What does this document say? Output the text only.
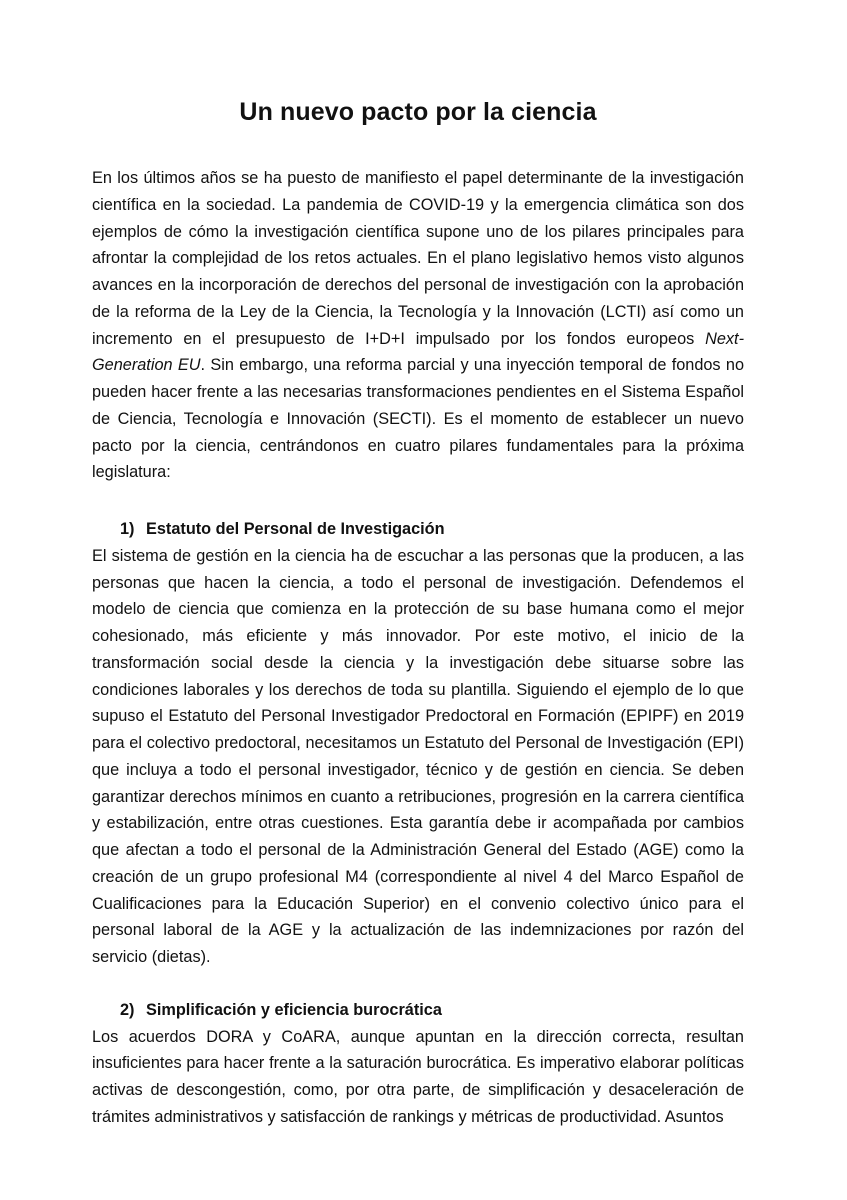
Un nuevo pacto por la ciencia

En los últimos años se ha puesto de manifiesto el papel determinante de la investigación científica en la sociedad. La pandemia de COVID-19 y la emergencia climática son dos ejemplos de cómo la investigación científica supone uno de los pilares principales para afrontar la complejidad de los retos actuales. En el plano legislativo hemos visto algunos avances en la incorporación de derechos del personal de investigación con la aprobación de la reforma de la Ley de la Ciencia, la Tecnología y la Innovación (LCTI) así como un incremento en el presupuesto de I+D+I impulsado por los fondos europeos Next-Generation EU. Sin embargo, una reforma parcial y una inyección temporal de fondos no pueden hacer frente a las necesarias transformaciones pendientes en el Sistema Español de Ciencia, Tecnología e Innovación (SECTI). Es el momento de establecer un nuevo pacto por la ciencia, centrándonos en cuatro pilares fundamentales para la próxima legislatura:

1) Estatuto del Personal de Investigación

El sistema de gestión en la ciencia ha de escuchar a las personas que la producen, a las personas que hacen la ciencia, a todo el personal de investigación. Defendemos el modelo de ciencia que comienza en la protección de su base humana como el mejor cohesionado, más eficiente y más innovador. Por este motivo, el inicio de la transformación social desde la ciencia y la investigación debe situarse sobre las condiciones laborales y los derechos de toda su plantilla. Siguiendo el ejemplo de lo que supuso el Estatuto del Personal Investigador Predoctoral en Formación (EPIPF) en 2019 para el colectivo predoctoral, necesitamos un Estatuto del Personal de Investigación (EPI) que incluya a todo el personal investigador, técnico y de gestión en ciencia. Se deben garantizar derechos mínimos en cuanto a retribuciones, progresión en la carrera científica y estabilización, entre otras cuestiones. Esta garantía debe ir acompañada por cambios que afectan a todo el personal de la Administración General del Estado (AGE) como la creación de un grupo profesional M4 (correspondiente al nivel 4 del Marco Español de Cualificaciones para la Educación Superior) en el convenio colectivo único para el personal laboral de la AGE y la actualización de las indemnizaciones por razón del servicio (dietas).

2) Simplificación y eficiencia burocrática

Los acuerdos DORA y CoARA, aunque apuntan en la dirección correcta, resultan insuficientes para hacer frente a la saturación burocrática. Es imperativo elaborar políticas activas de descongestión, como, por otra parte, de simplificación y desaceleración de trámites administrativos y satisfacción de rankings y métricas de productividad. Asuntos
